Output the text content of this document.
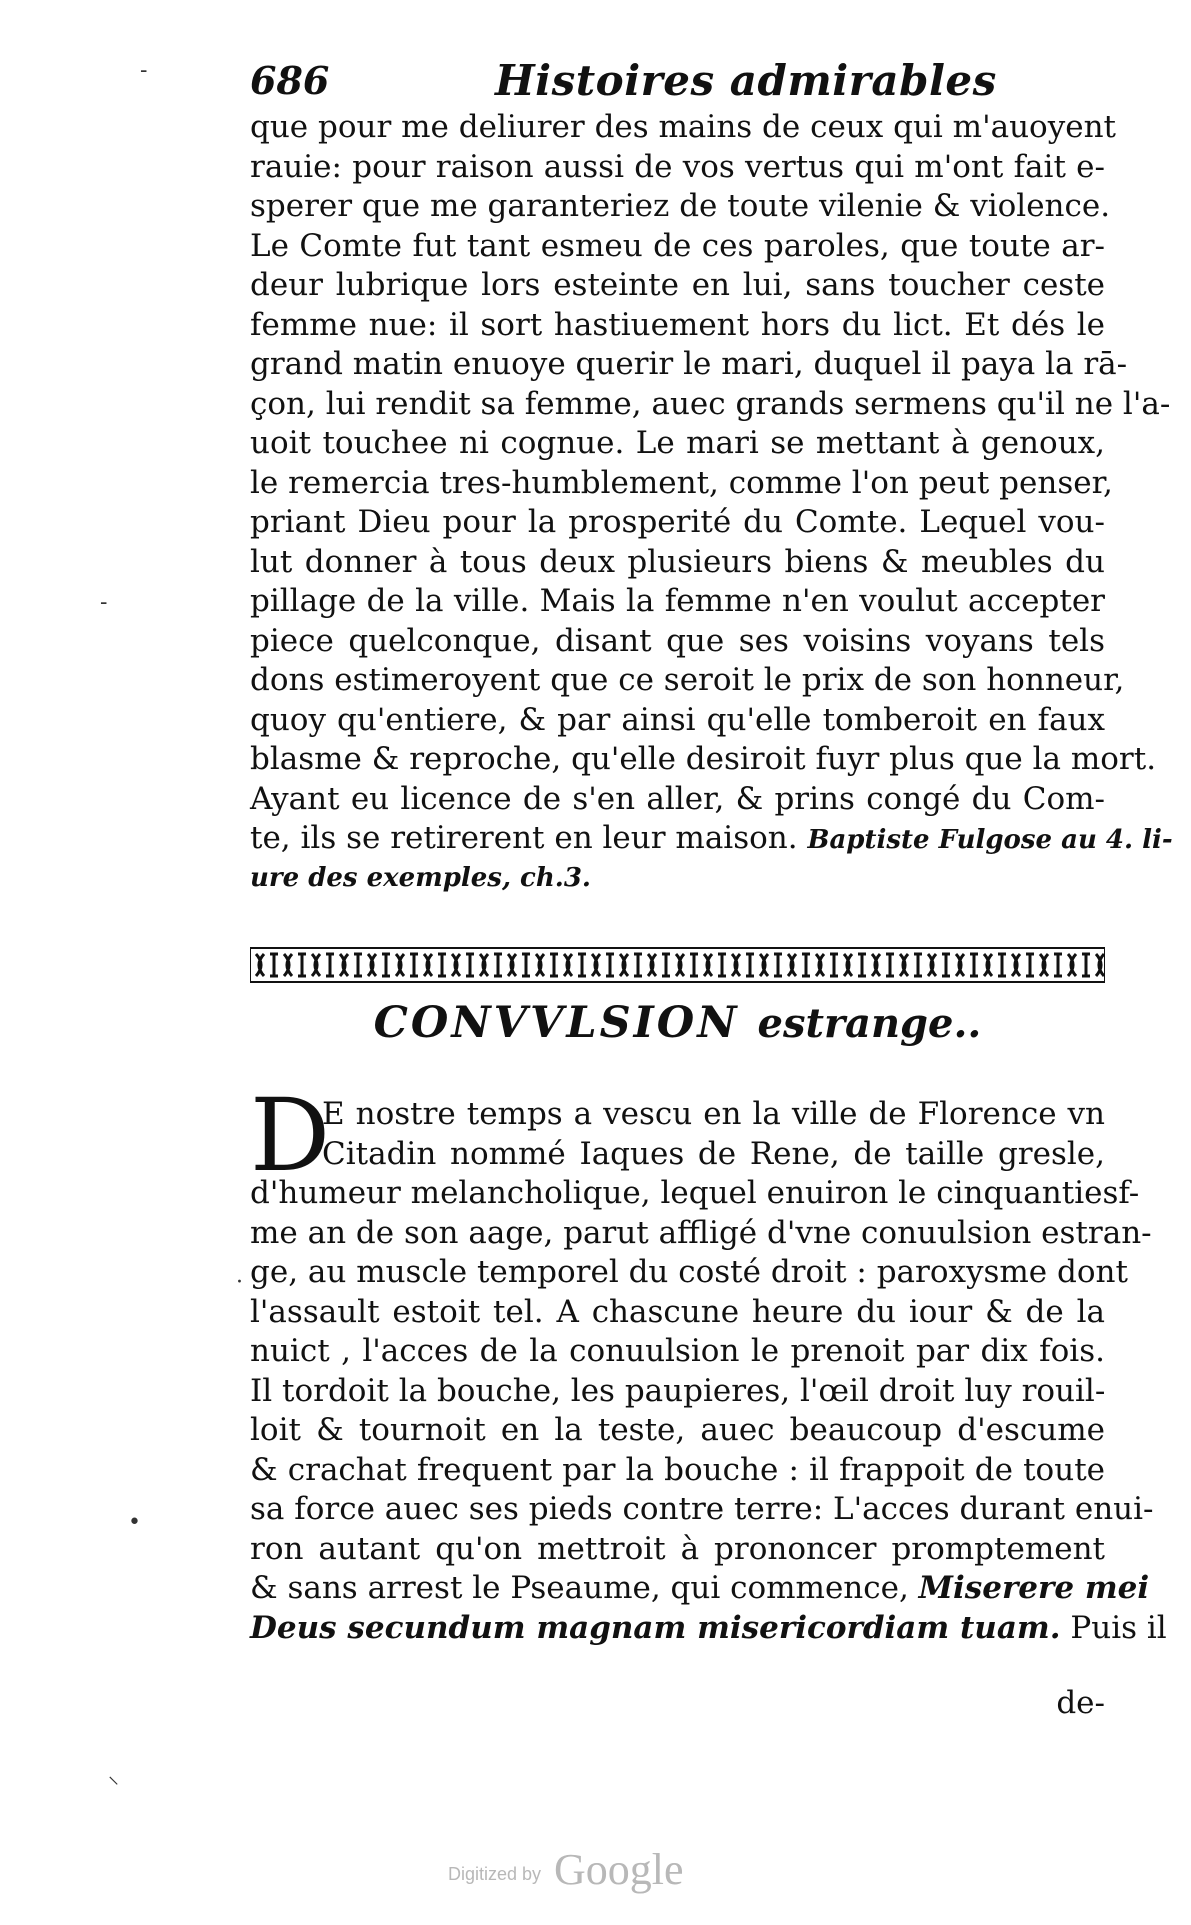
686	Histoires admirables
que pour me deliurer des mains de ceux qui m'auoyent
rauie: pour raison aussi de vos vertus qui m'ont fait e-
sperer que me garanteriez de toute vilenie & violence.
Le Comte fut tant esmeu de ces paroles, que toute ar-
deur lubrique lors esteinte en lui, sans toucher ceste
femme nue: il sort hastiuement hors du lict. Et dés le
grand matin enuoye querir le mari, duquel il paya la rā-
çon, lui rendit sa femme, auec grands sermens qu'il ne l'a-
uoit touchee ni cognue. Le mari se mettant à genoux,
le remercia tres-humblement, comme l'on peut penser,
priant Dieu pour la prosperité du Comte. Lequel vou-
lut donner à tous deux plusieurs biens & meubles du
pillage de la ville. Mais la femme n'en voulut accepter
piece quelconque, disant que ses voisins voyans tels
dons estimeroyent que ce seroit le prix de son honneur,
quoy qu'entiere, & par ainsi qu'elle tomberoit en faux
blasme & reproche, qu'elle desiroit fuyr plus que la mort.
Ayant eu licence de s'en aller, & prins congé du Com-
te, ils se retirerent en leur maison. Baptiste Fulgose au 4. li-
ure des exemples, ch.3.
CONVVLSION estrange..
D
E nostre temps a vescu en la ville de Florence vn
Citadin nommé Iaques de Rene, de taille gresle,
d'humeur melancholique, lequel enuiron le cinquantiesf-
me an de son aage, parut affligé d'vne conuulsion estran-
ge, au muscle temporel du costé droit : paroxysme dont
l'assault estoit tel. A chascune heure du iour & de la
nuict , l'acces de la conuulsion le prenoit par dix fois.
Il tordoit la bouche, les paupieres, l'œil droit luy rouil-
loit & tournoit en la teste, auec beaucoup d'escume
& crachat frequent par la bouche : il frappoit de toute
sa force auec ses pieds contre terre: L'acces durant enui-
ron autant qu'on mettroit à prononcer promptement
& sans arrest le Pseaume, qui commence, Miserere mei
Deus secundum magnam misericordiam tuam. Puis il
de-
-
-
·
•
⸜
Digitized by Google
